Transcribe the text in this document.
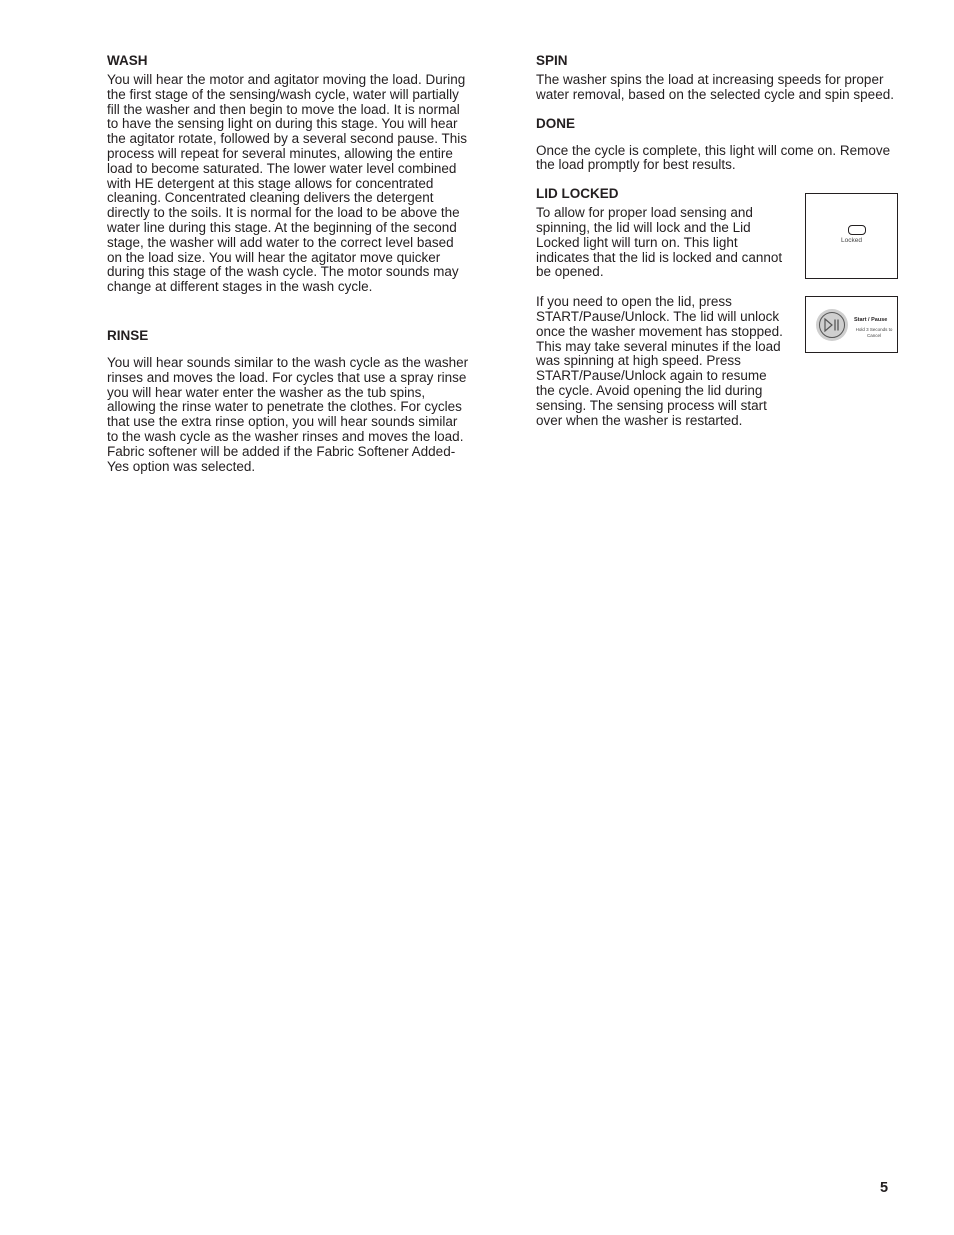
WASH

You will hear the motor and agitator moving the load. During the first stage of the sensing/wash cycle, water will partially fill the washer and then begin to move the load. It is normal to have the sensing light on during this stage. You will hear the agitator rotate, followed by a several second pause. This process will repeat for several minutes, allowing the entire load to become saturated. The lower water level combined with HE detergent at this stage allows for concentrated cleaning. Concentrated cleaning delivers the detergent directly to the soils. It is normal for the load to be above the water line during this stage. At the beginning of the second stage, the washer will add water to the correct level based on the load size. You will hear the agitator move quicker during this stage of the wash cycle. The motor sounds may change at different stages in the wash cycle.

RINSE

You will hear sounds similar to the wash cycle as the washer rinses and moves the load. For cycles that use a spray rinse you will hear water enter the washer as the tub spins, allowing the rinse water to penetrate the clothes. For cycles that use the extra rinse option, you will hear sounds similar to the wash cycle as the washer rinses and moves the load. Fabric softener will be added if the Fabric Softener Added-Yes option was selected.

SPIN

The washer spins the load at increasing speeds for proper water removal, based on the selected cycle and spin speed.

DONE

Once the cycle is complete, this light will come on. Remove the load promptly for best results.

LID LOCKED

To allow for proper load sensing and spinning, the lid will lock and the Lid Locked light will turn on. This light indicates that the lid is locked and cannot be opened.

If you need to open the lid, press START/Pause/Unlock. The lid will unlock once the washer movement has stopped. This may take several minutes if the load was spinning at high speed. Press START/Pause/Unlock again to resume the cycle. Avoid opening the lid during sensing. The sensing process will start over when the washer is restarted.

Locked
Start / Pause
Hold 3 Seconds to Cancel
5
